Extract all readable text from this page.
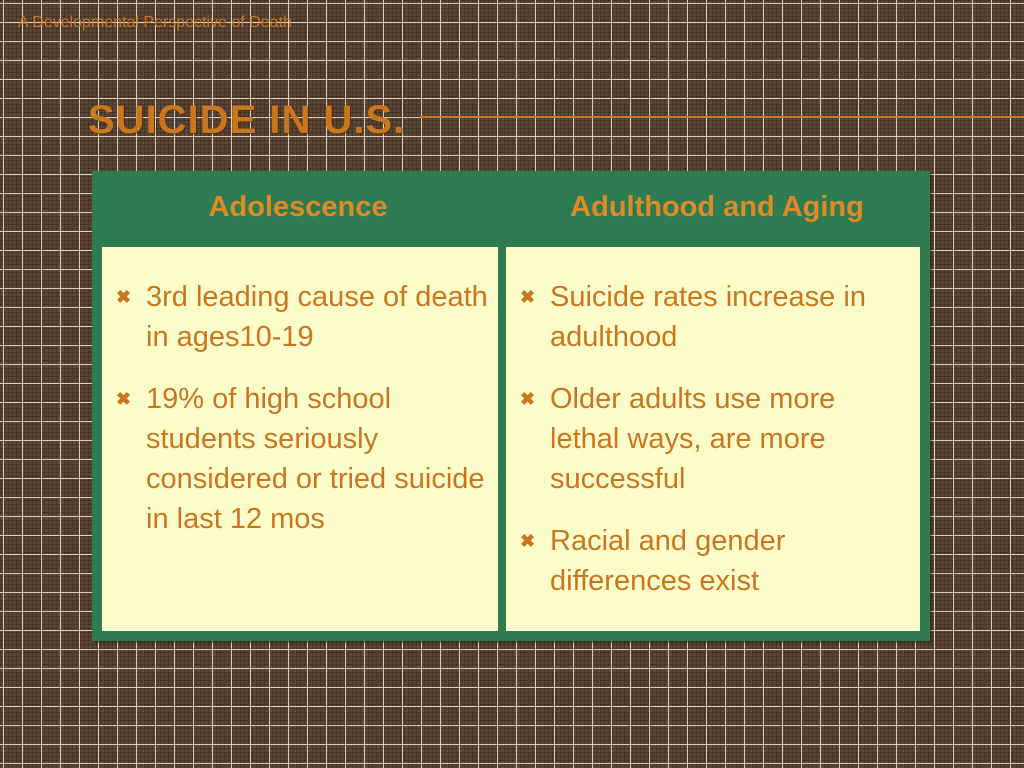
A Developmental Perspective of Death
SUICIDE IN U.S.
Adolescence	Adulthood and Aging
✖ 3rd leading cause of death in ages10-19
✖ 19% of high school students seriously considered or tried suicide in last 12 mos
✖ Suicide rates increase in adulthood
✖ Older adults use more lethal ways, are more successful
✖ Racial and gender differences exist
